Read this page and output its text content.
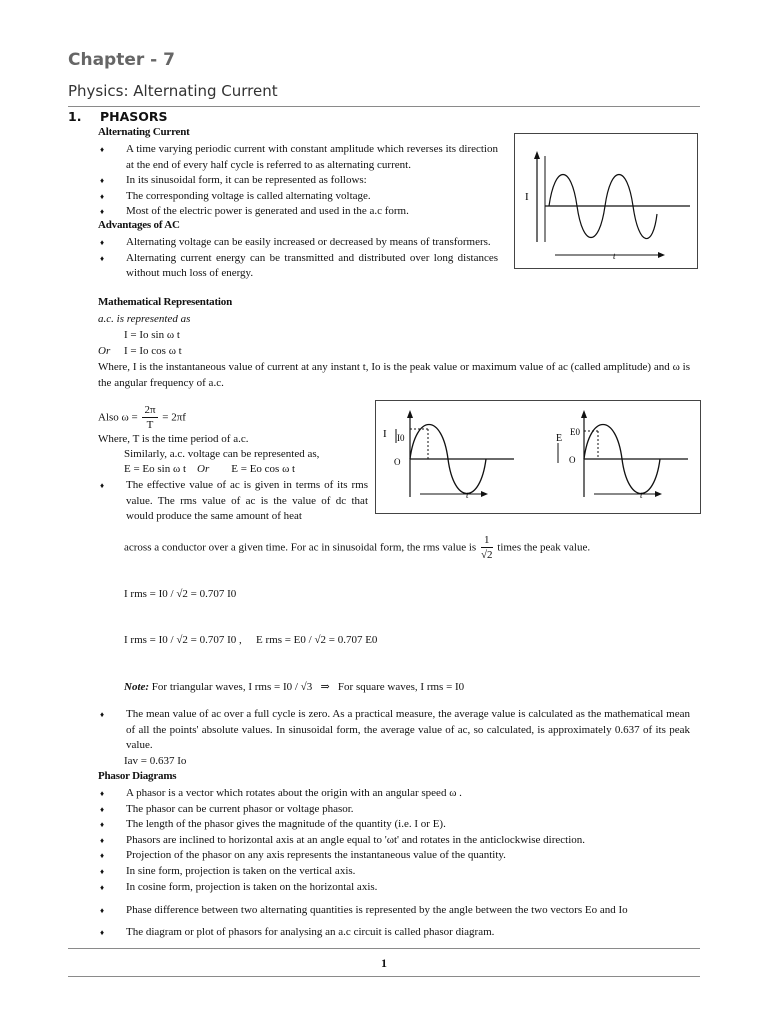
Chapter - 7
Physics: Alternating Current
1. PHASORS
Alternating Current
♦ A time varying periodic current with constant amplitude which reverses its direction at the end of every half cycle is referred to as alternating current.
♦ In its sinusoidal form, it can be represented as follows:
♦ The corresponding voltage is called alternating voltage.
♦ Most of the electric power is generated and used in the a.c form.
I
t
Advantages of AC
♦ Alternating voltage can be easily increased or decreased by means of transformers.
♦ Alternating current energy can be transmitted and distributed over long distances without much loss of energy.
Mathematical Representation
a.c. is represented as
I = Io sin ω t
Or I = Io cos ω t
Where, I is the instantaneous value of current at any instant t, Io is the peak value or maximum value of ac (called amplitude) and ω is the angular frequency of a.c.
Also $\omega = \frac{2\pi}{T} = 2\pi f$
Where, T is the time period of a.c.
Similarly, a.c. voltage can be represented as,
E = Eo sin ω t Or E = Eo cos ω t
♦ The effective value of ac is given in terms of its rms value. The rms value of ac is the value of dc that would produce the same amount of heat
I I0
O
t
E
E0
O
t
across a conductor over a given time. For ac in sinusoidal form, the rms value is $\frac{1}{√2}$ times the peak value.
I rms = I0 / √2 = 0.707 I0
I rms = I0 / √2 = 0.707 I0 , E rms = E0 / √2 = 0.707 E0
Note: For triangular waves, I rms = I0 / √3 ⇒ For square waves, I rms = I0
♦ The mean value of ac over a full cycle is zero. As a practical measure, the average value is calculated as the mathematical mean of all the points' absolute values. In sinusoidal form, the average value of ac, so calculated, is approximately 0.637 of its peak value.
Iav = 0.637 Io
Phasor Diagrams
♦ A phasor is a vector which rotates about the origin with an angular speed ω .
♦ The phasor can be current phasor or voltage phasor.
♦ The length of the phasor gives the magnitude of the quantity (i.e. I or E).
♦ Phasors are inclined to horizontal axis at an angle equal to 'ωt' and rotates in the anticlockwise direction.
♦ Projection of the phasor on any axis represents the instantaneous value of the quantity.
♦ In sine form, projection is taken on the vertical axis.
♦ In cosine form, projection is taken on the horizontal axis.
♦ Phase difference between two alternating quantities is represented by the angle between the two vectors Eo and Io
♦ The diagram or plot of phasors for analysing an a.c circuit is called phasor diagram.
1
